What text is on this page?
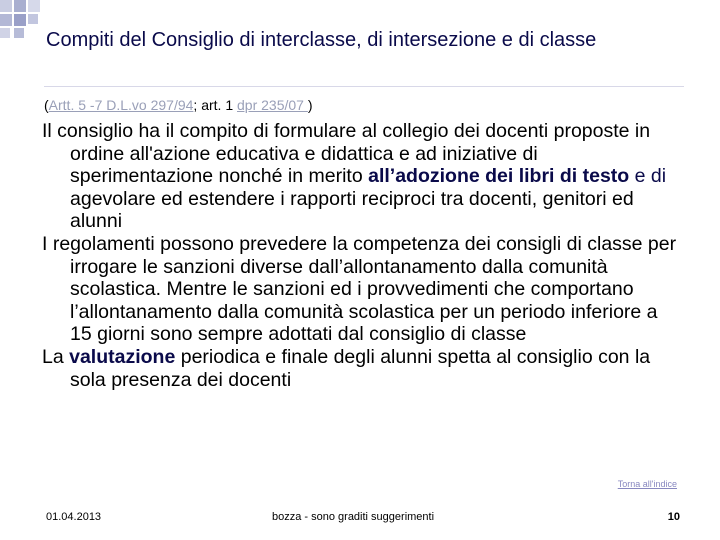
Compiti del Consiglio di interclasse, di intersezione e di classe
(Artt. 5 -7 D.L.vo 297/94; art. 1 dpr 235/07 )

Il consiglio ha il compito di formulare al collegio dei docenti proposte in ordine all'azione educativa e didattica e ad iniziative di sperimentazione nonché in merito all’adozione dei libri di testo e di agevolare ed estendere i rapporti reciproci tra docenti, genitori ed alunni

I regolamenti possono prevedere la competenza dei consigli di classe per irrogare le sanzioni diverse dall’allontanamento dalla comunità scolastica. Mentre le sanzioni ed i provvedimenti che comportano l’allontanamento dalla comunità scolastica per un periodo inferiore a 15 giorni sono sempre adottati dal consiglio di classe

La valutazione periodica e finale degli alunni spetta al consiglio con la sola presenza dei docenti

Torna all'indice
01.04.2013	bozza - sono graditi suggerimenti	10
